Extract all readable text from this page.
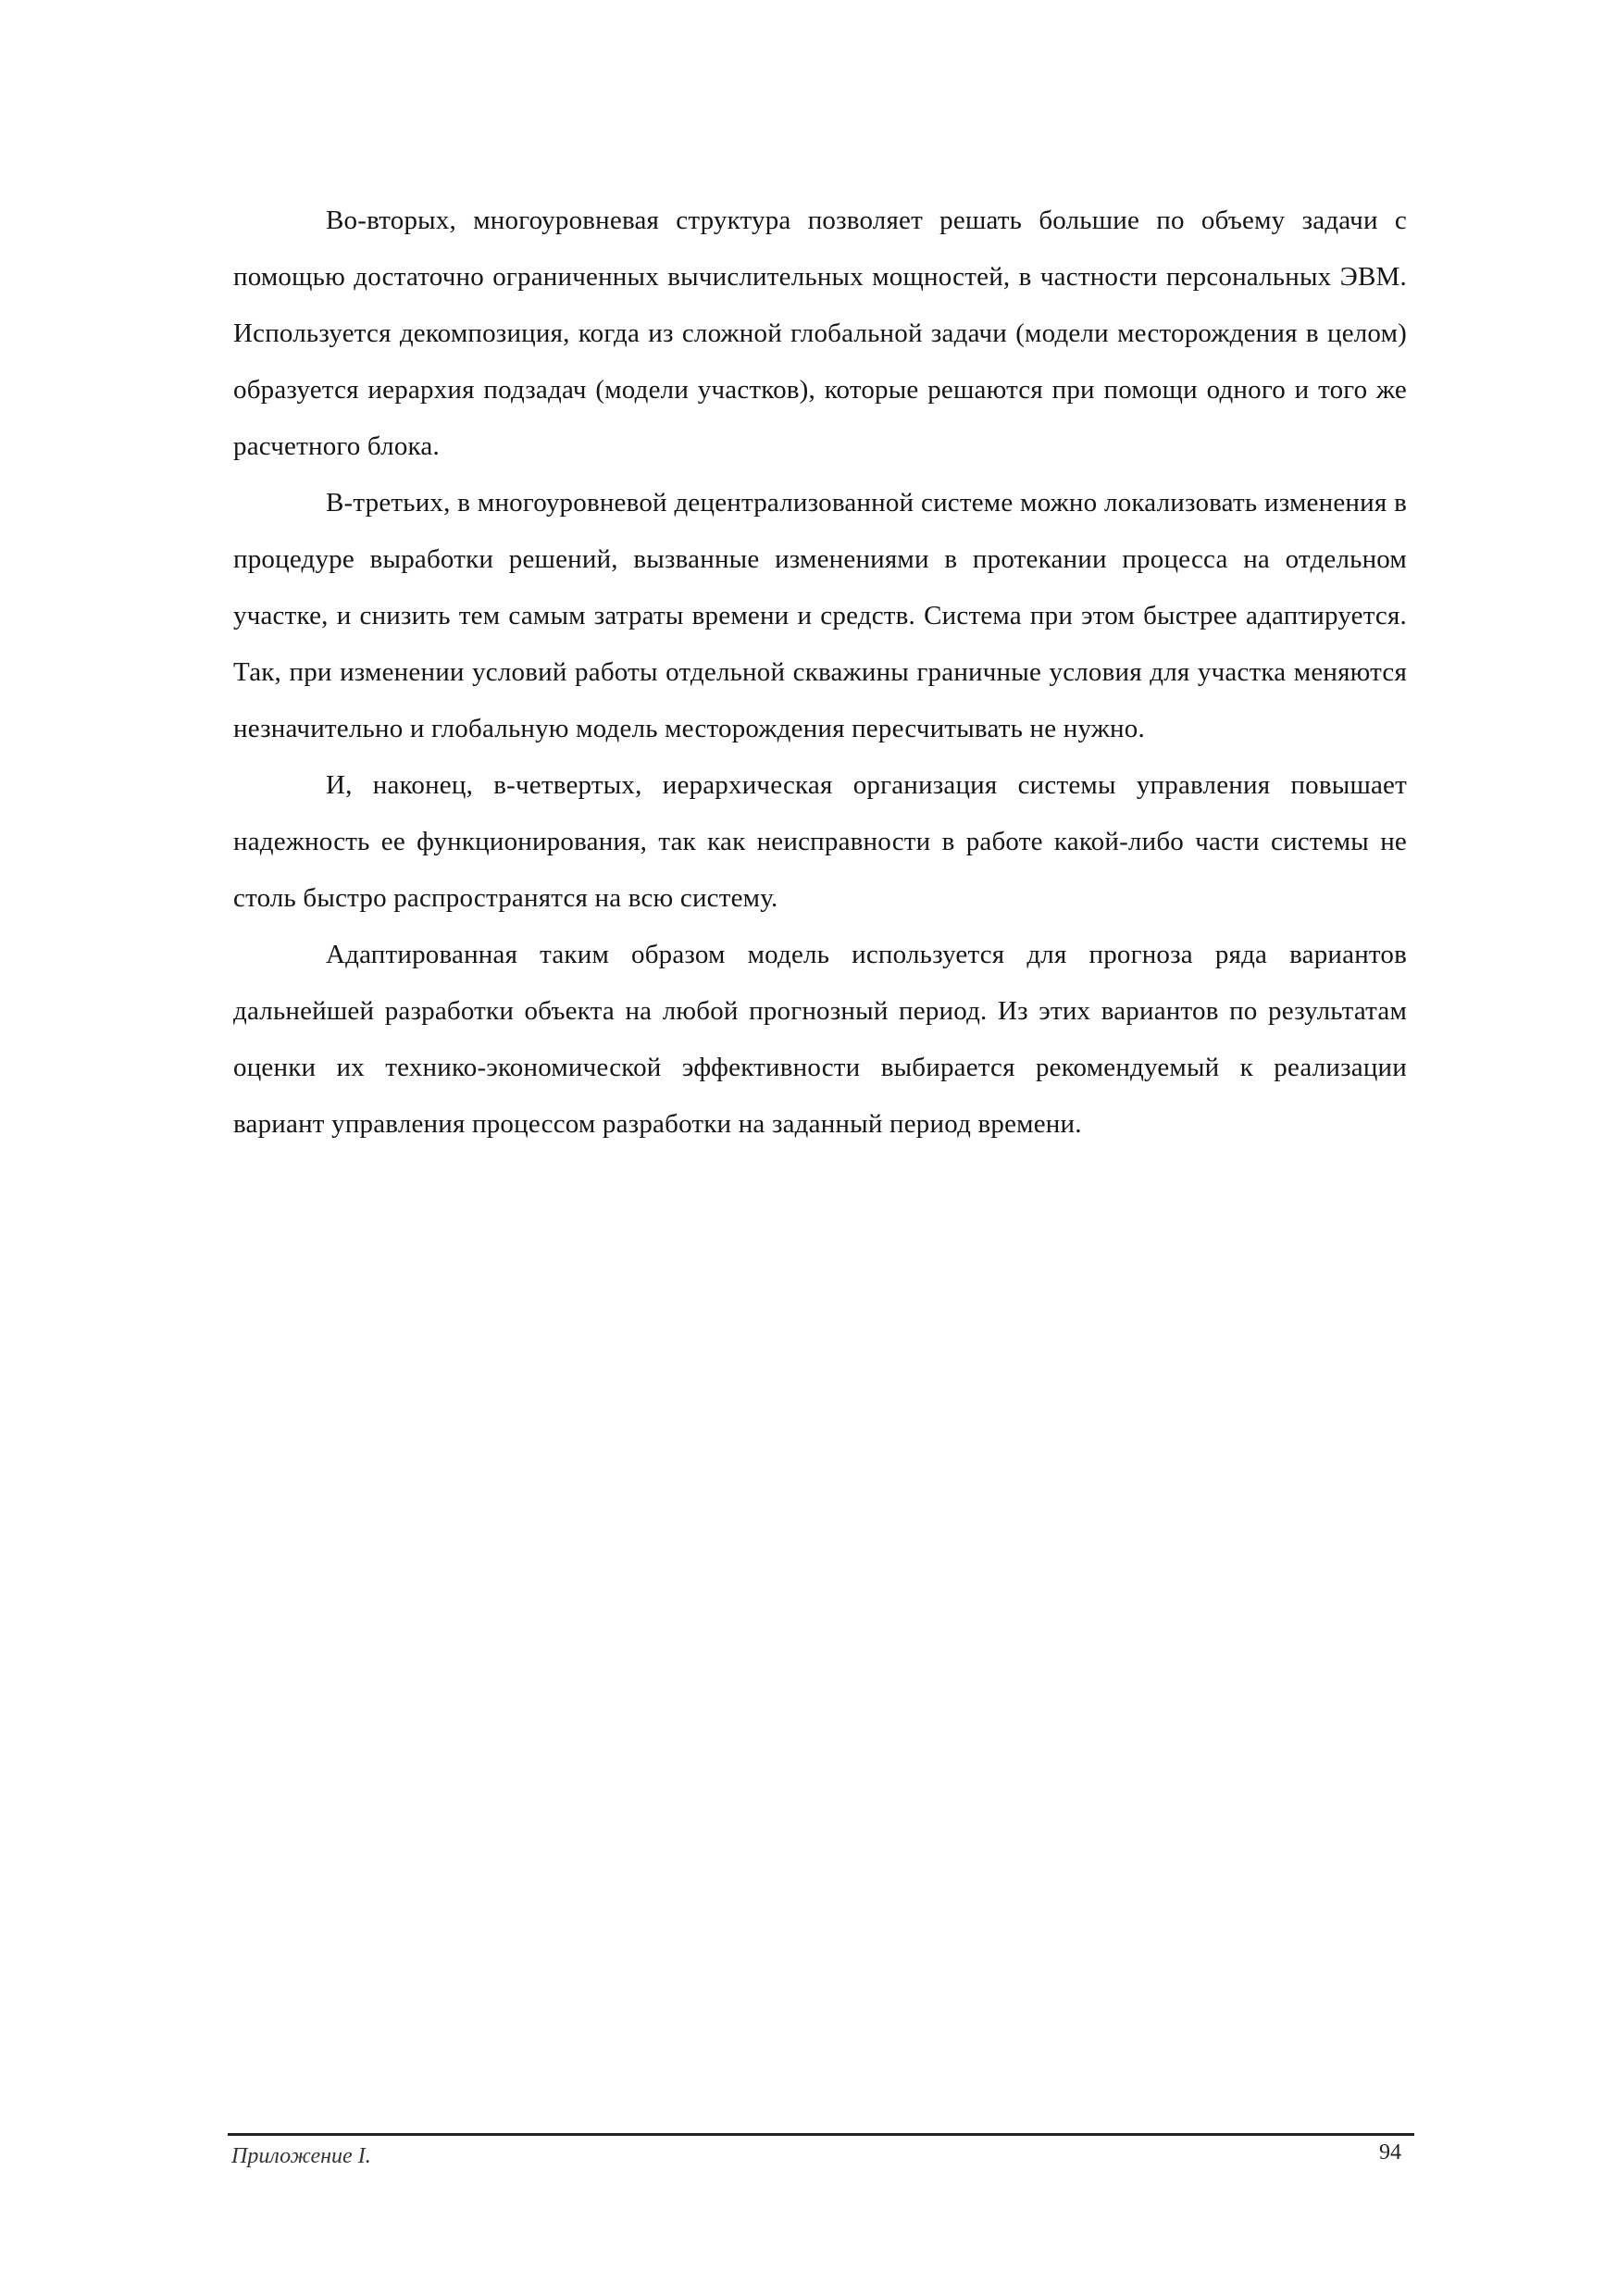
Во-вторых, многоуровневая структура позволяет решать большие по объему задачи с помощью достаточно ограниченных вычислительных мощностей, в частности персональных ЭВМ. Используется декомпозиция, когда из сложной глобальной задачи (модели месторождения в целом) образуется иерархия подзадач (модели участков), которые решаются при помощи одного и того же расчетного блока.

В-третьих, в многоуровневой децентрализованной системе можно локализовать изменения в процедуре выработки решений, вызванные изменениями в протекании процесса на отдельном участке, и снизить тем самым затраты времени и средств. Система при этом быстрее адаптируется. Так, при изменении условий работы отдельной скважины граничные условия для участка меняются незначительно и глобальную модель месторождения пересчитывать не нужно.

И, наконец, в-четвертых, иерархическая организация системы управления повышает надежность ее функционирования, так как неисправности в работе какой-либо части системы не столь быстро распространятся на всю систему.

Адаптированная таким образом модель используется для прогноза ряда вариантов дальнейшей разработки объекта на любой прогнозный период. Из этих вариантов по результатам оценки их технико-экономической эффективности выбирается рекомендуемый к реализации вариант управления процессом разработки на заданный период времени.

Приложение I.	94
